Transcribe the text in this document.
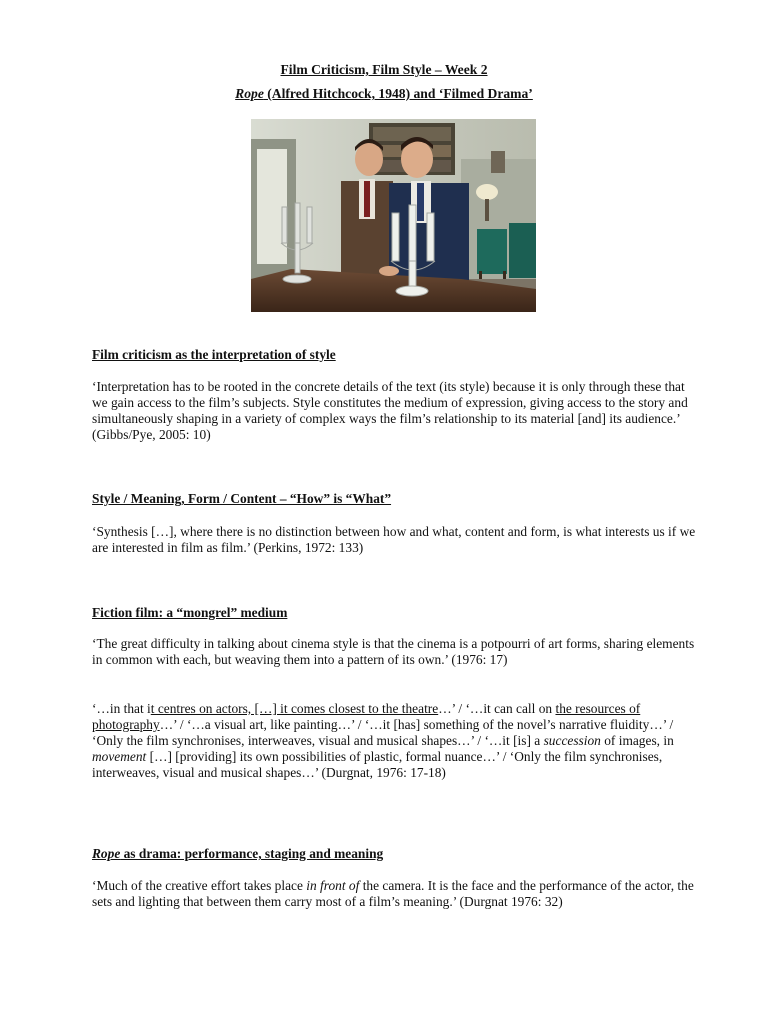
Film Criticism, Film Style – Week 2
Rope (Alfred Hitchcock, 1948) and ‘Filmed Drama’
Film criticism as the interpretation of style
‘Interpretation has to be rooted in the concrete details of the text (its style) because it is only through these that we gain access to the film’s subjects. Style constitutes the medium of expression, giving access to the story and simultaneously shaping in a variety of complex ways the film’s relationship to its material [and] its audience.’ (Gibbs/Pye, 2005: 10)
Style / Meaning, Form / Content – “How” is “What”
‘Synthesis […], where there is no distinction between how and what, content and form, is what interests us if we are interested in film as film.’ (Perkins, 1972: 133)
Fiction film: a “mongrel” medium
‘The great difficulty in talking about cinema style is that the cinema is a potpourri of art forms, sharing elements in common with each, but weaving them into a pattern of its own.’ (1976: 17)
‘…in that it centres on actors, […] it comes closest to the theatre…’ / ‘…it can call on the resources of photography…’ / ‘…a visual art, like painting…’ / ‘…it [has] something of the novel’s narrative fluidity…’ / ‘Only the film synchronises, interweaves, visual and musical shapes…’ / ‘…it [is] a succession of images, in movement […] [providing] its own possibilities of plastic, formal nuance…’ / ‘Only the film synchronises, interweaves, visual and musical shapes…’ (Durgnat, 1976: 17-18)
Rope as drama: performance, staging and meaning
‘Much of the creative effort takes place in front of the camera. It is the face and the performance of the actor, the sets and lighting that between them carry most of a film’s meaning.’ (Durgnat 1976: 32)
